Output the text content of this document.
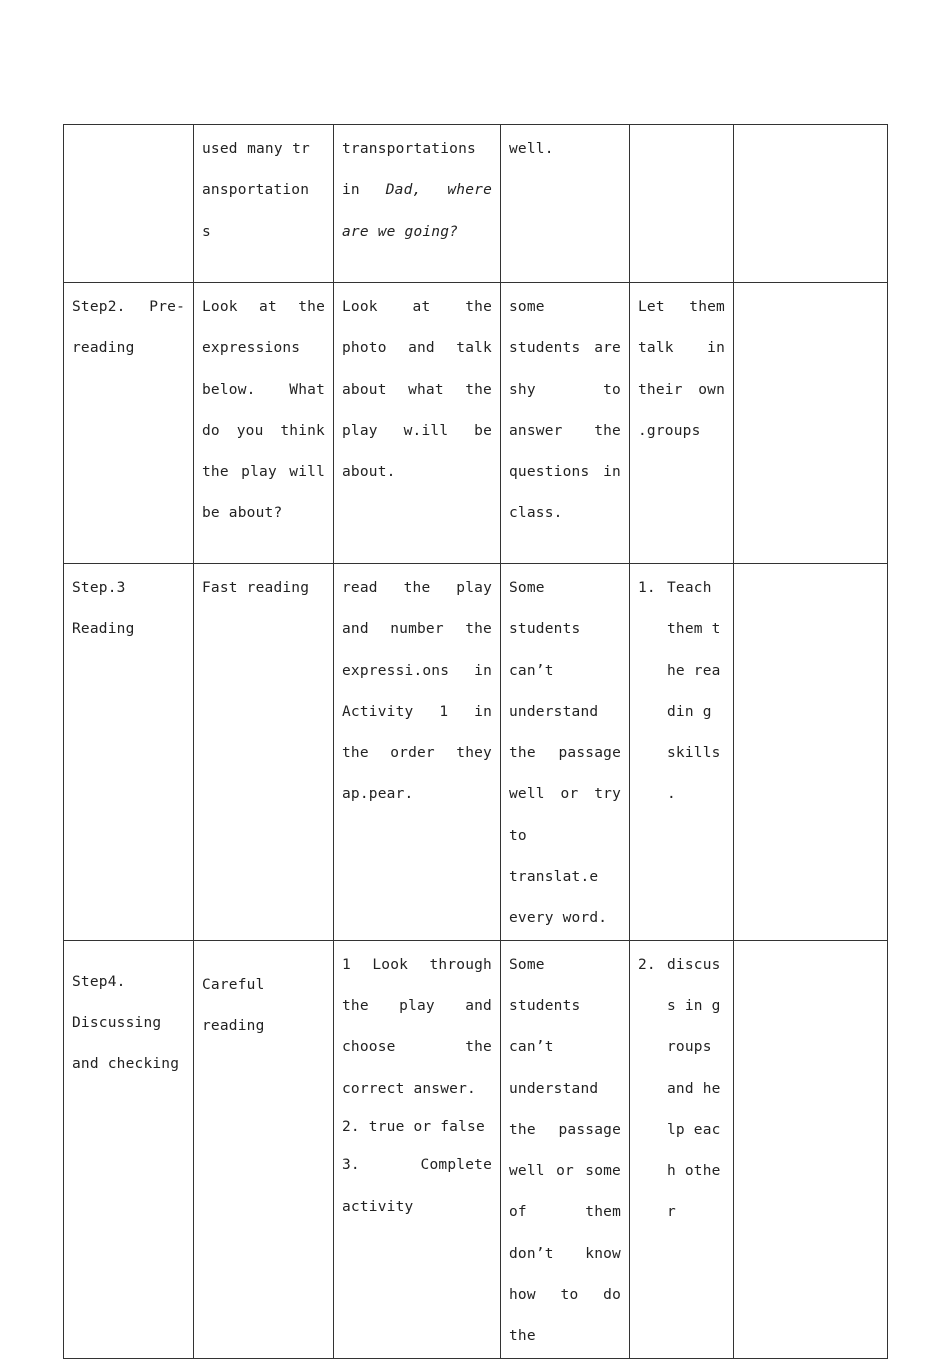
	used many transportations	transportations in Dad, where are we going?	well.		
Step2. Pre-reading	Look at the expressions below. What do you think the play will be about?	Look at the photo and talk about what the play w.ill be about.	some students are shy to answer the questions in class.	Let them talk in their own .groups	

Step.3
Reading	Fast reading	read the play and number the expressi.ons in Activity 1 in the order they ap.pear.	Some students can’t understand the passage well or try to translat.e every word.	1. Teach them the readin g skills .	

Step4. Discussing and checking	Careful reading	1 Look through the play and choose the correct answer.
2. true or false
3. Complete activity	Some students can’t understand the passage well or some of them don’t know how to do the	2. discus s in groups and help each other	
